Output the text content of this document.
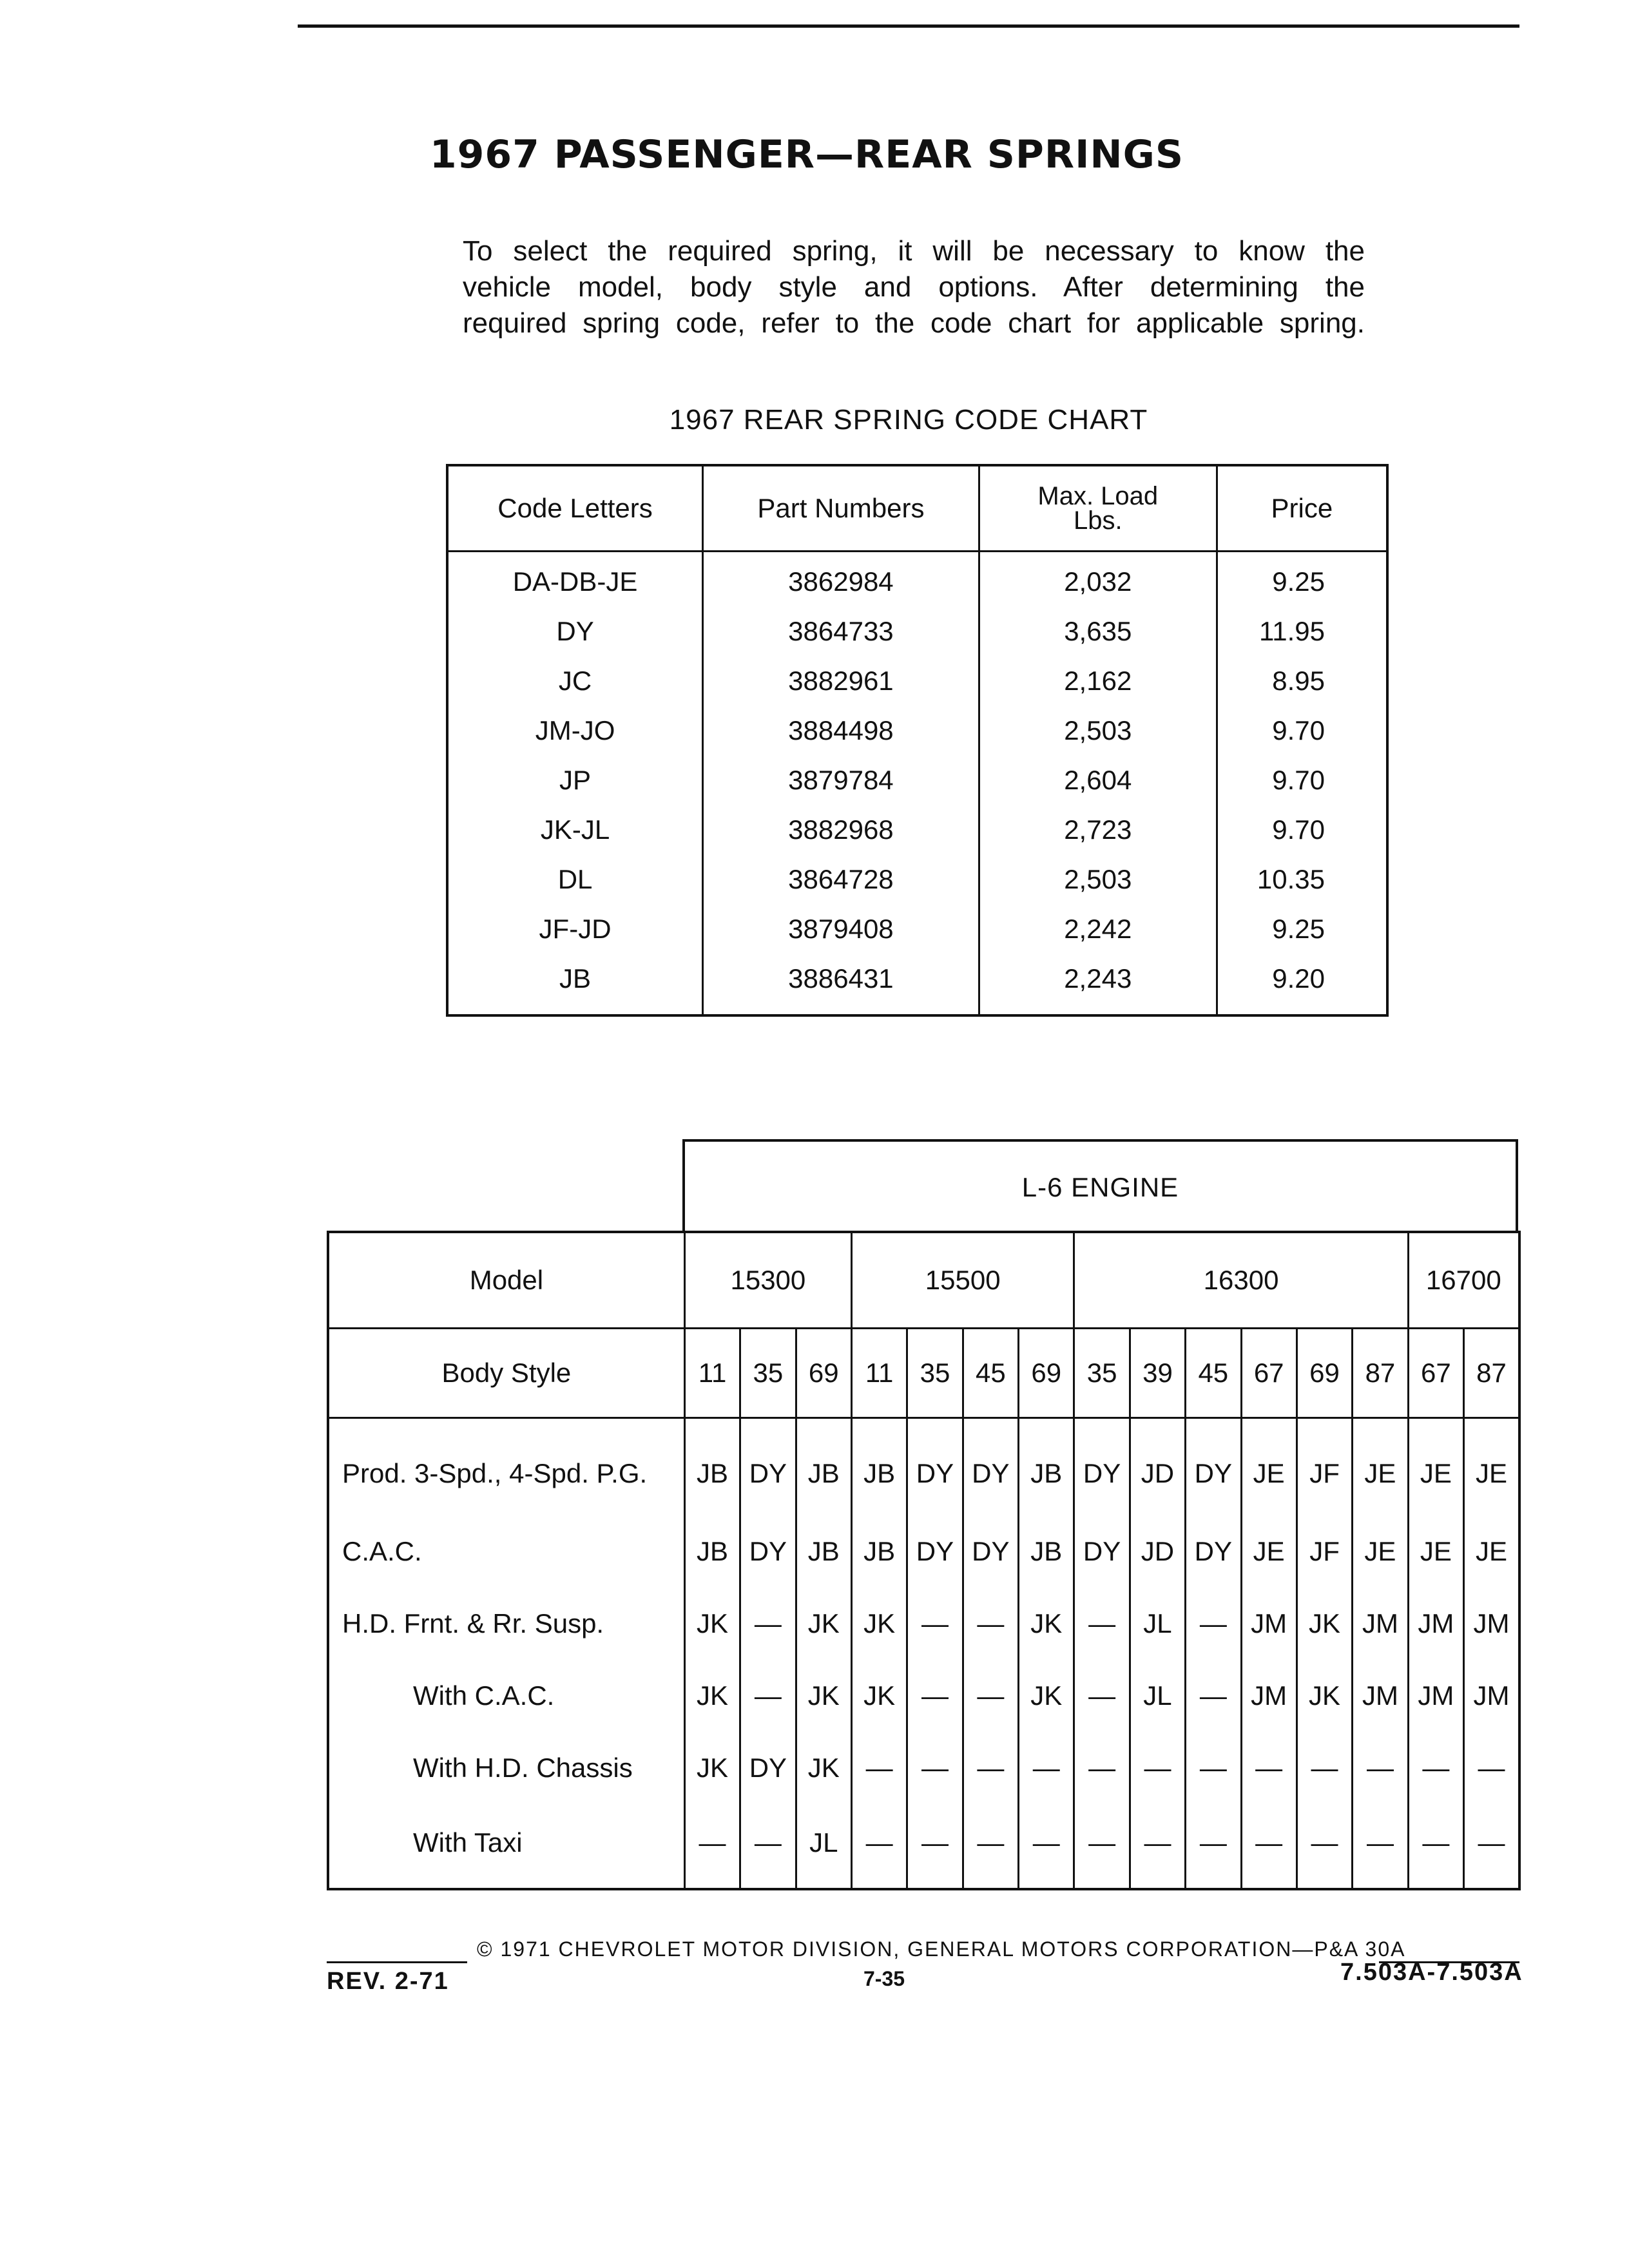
1967 PASSENGER—REAR SPRINGS
To select the required spring, it will be necessary to know the
vehicle model, body style and options. After determining the
required spring code, refer to the code chart for applicable spring.
1967 REAR SPRING CODE CHART
Code Letters	Part Numbers	Max. Load Lbs.	Price
DA-DB-JE	3862984	2,032	9.25
DY	3864733	3,635	11.95
JC	3882961	2,162	8.95
JM-JO	3884498	2,503	9.70
JP	3879784	2,604	9.70
JK-JL	3882968	2,723	9.70
DL	3864728	2,503	10.35
JF-JD	3879408	2,242	9.25
JB	3886431	2,243	9.20
L-6 ENGINE
Model	15300			15500				16300						16700	
Body Style	11	35	69	11	35	45	69	35	39	45	67	69	87	67	87
Prod. 3-Spd., 4-Spd. P.G.	JB	DY	JB	JB	DY	DY	JB	DY	JD	DY	JE	JF	JE	JE	JE
C.A.C.	JB	DY	JB	JB	DY	DY	JB	DY	JD	DY	JE	JF	JE	JE	JE
H.D. Frnt. & Rr. Susp.	JK	—	JK	JK	—	—	JK	—	JL	—	JM	JK	JM	JM	JM
With C.A.C.	JK	—	JK	JK	—	—	JK	—	JL	—	JM	JK	JM	JM	JM
With H.D. Chassis	JK	DY	JK	—	—	—	—	—	—	—	—	—	—	—	—
With Taxi	—	—	JL	—	—	—	—	—	—	—	—	—	—	—	—
© 1971 CHEVROLET MOTOR DIVISION, GENERAL MOTORS CORPORATION—P&A 30A
REV. 2-71	7-35	7.503A-7.503A
